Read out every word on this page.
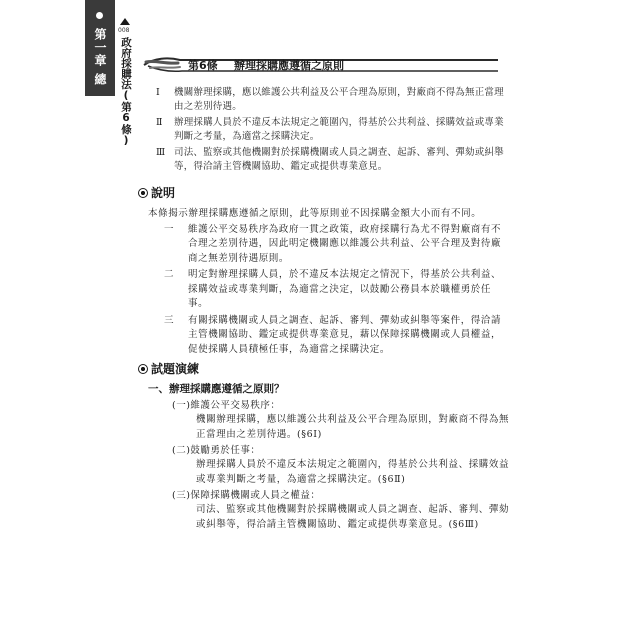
第一章總則	008
政府採購法(第6條)	第6條 辦理採購應遵循之原則
Ⅰ	機關辦理採購，應以維護公共利益及公平合理為原則，對廠商不得為無正當理由之差別待遇。
Ⅱ	辦理採購人員於不違反本法規定之範圍內，得基於公共利益、採購效益或專業判斷之考量，為適當之採購決定。
Ⅲ 司法、監察或其他機關對於採購機關或人員之調查、起訴、審判、彈劾或糾舉等，得洽請主管機關協助、鑑定或提供專業意見。
說明
本條揭示辦理採購應遵循之原則，此等原則並不因採購金額大小而有不同。
一 維護公平交易秩序為政府一貫之政策，政府採購行為尤不得對廠商有不合理之差別待遇，因此明定機關應以維護公共利益、公平合理及對待廠商之無差別待遇原則。
二 明定對辦理採購人員，於不違反本法規定之情況下，得基於公共利益、採購效益或專業判斷，為適當之決定，以鼓勵公務員本於職權勇於任事。
三 有關採購機關或人員之調查、起訴、審判、彈劾或糾舉等案件，得洽請主管機關協助、鑑定或提供專業意見，藉以保障採購機關或人員權益，促使採購人員積極任事，為適當之採購決定。
試題演練
一、辦理採購應遵循之原則？
(一)維護公平交易秩序：
機關辦理採購，應以維護公共利益及公平合理為原則，對廠商不得為無正當理由之差別待遇。(§6Ⅰ)
(二)鼓勵勇於任事：
辦理採購人員於不違反本法規定之範圍內，得基於公共利益、採購效益或專業判斷之考量，為適當之採購決定。(§6Ⅱ)
(三)保障採購機關或人員之權益：
司法、監察或其他機關對於採購機關或人員之調查、起訴、審判、彈劾或糾舉等，得洽請主管機關協助、鑑定或提供專業意見。(§6Ⅲ)
